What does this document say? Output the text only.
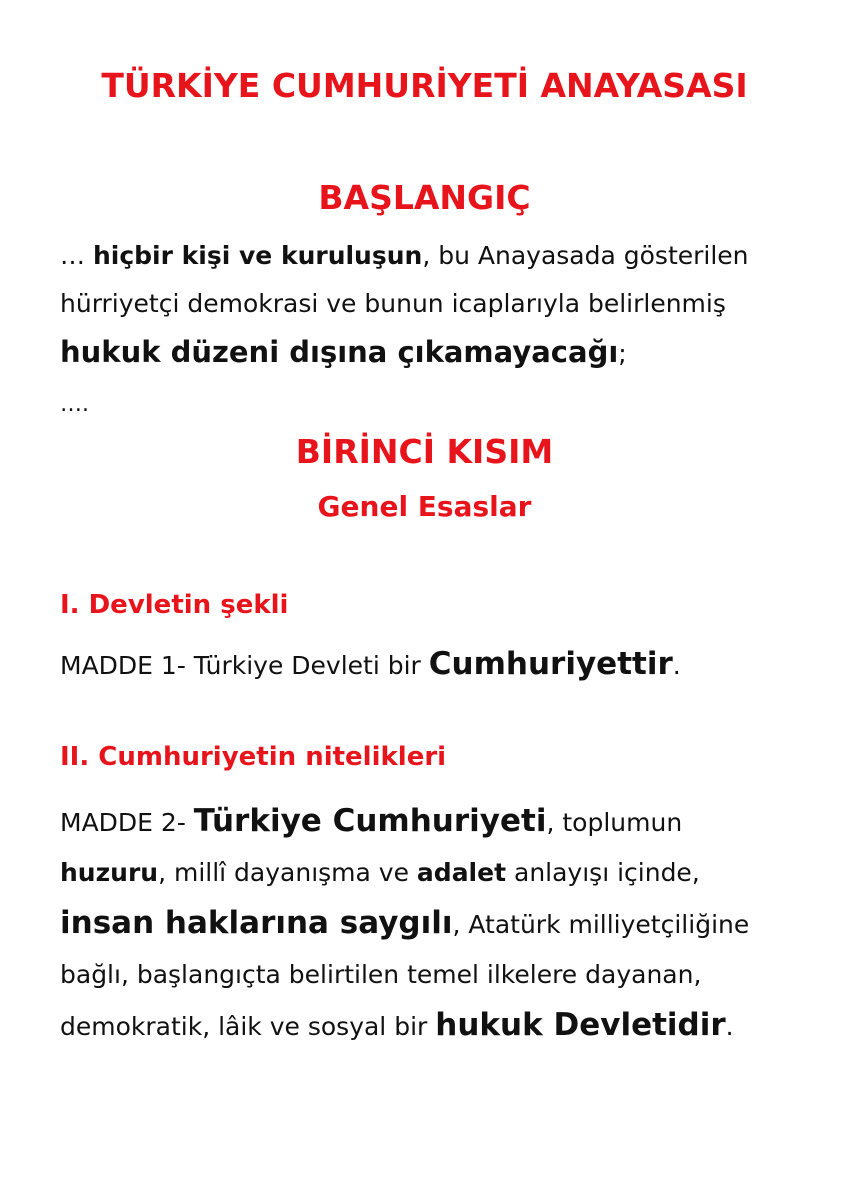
TÜRKİYE CUMHURİYETİ ANAYASASI
BAŞLANGIÇ
… hiçbir kişi ve kuruluşun, bu Anayasada gösterilen
hürriyetçi demokrasi ve bunun icaplarıyla belirlenmiş
hukuk düzeni dışına çıkamayacağı;
….
BİRİNCİ KISIM
Genel Esaslar
I. Devletin şekli
MADDE 1- Türkiye Devleti bir Cumhuriyettir.
II. Cumhuriyetin nitelikleri
MADDE 2- Türkiye Cumhuriyeti, toplumun
huzuru, millî dayanışma ve adalet anlayışı içinde,
insan haklarına saygılı, Atatürk milliyetçiliğine
bağlı, başlangıçta belirtilen temel ilkelere dayanan,
demokratik, lâik ve sosyal bir hukuk Devletidir.
